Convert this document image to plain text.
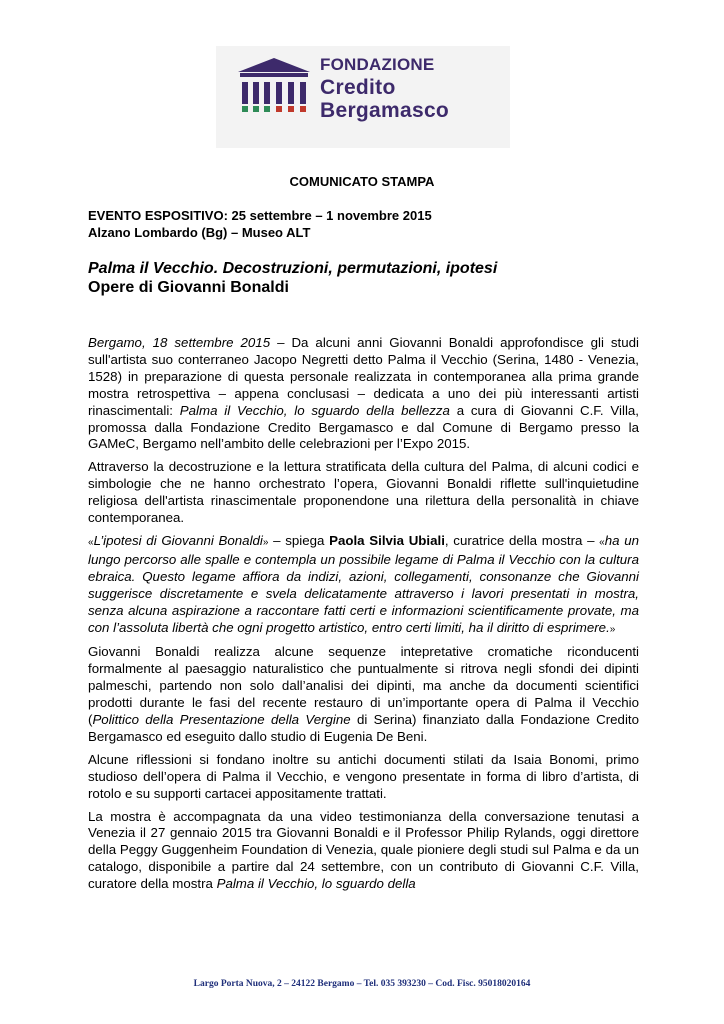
FONDAZIONE
Credito
Bergamasco
COMUNICATO STAMPA
EVENTO ESPOSITIVO: 25 settembre – 1 novembre 2015
Alzano Lombardo (Bg) – Museo ALT
Palma il Vecchio. Decostruzioni, permutazioni, ipotesi
Opere di Giovanni Bonaldi

Bergamo, 18 settembre 2015 – Da alcuni anni Giovanni Bonaldi approfondisce gli studi sull'artista suo conterraneo Jacopo Negretti detto Palma il Vecchio (Serina, 1480 - Venezia, 1528) in preparazione di questa personale realizzata in contemporanea alla prima grande mostra retrospettiva – appena conclusasi – dedicata a uno dei più interessanti artisti rinascimentali: Palma il Vecchio, lo sguardo della bellezza a cura di Giovanni C.F. Villa, promossa dalla Fondazione Credito Bergamasco e dal Comune di Bergamo presso la GAMeC, Bergamo nell’ambito delle celebrazioni per l’Expo 2015.

Attraverso la decostruzione e la lettura stratificata della cultura del Palma, di alcuni codici e simbologie che ne hanno orchestrato l’opera, Giovanni Bonaldi riflette sull'inquietudine religiosa dell'artista rinascimentale proponendone una rilettura della personalità in chiave contemporanea.

«L’ipotesi di Giovanni Bonaldi» – spiega Paola Silvia Ubiali, curatrice della mostra – «ha un lungo percorso alle spalle e contempla un possibile legame di Palma il Vecchio con la cultura ebraica. Questo legame affiora da indizi, azioni, collegamenti, consonanze che Giovanni suggerisce discretamente e svela delicatamente attraverso i lavori presentati in mostra, senza alcuna aspirazione a raccontare fatti certi e informazioni scientificamente provate, ma con l’assoluta libertà che ogni progetto artistico, entro certi limiti, ha il diritto di esprimere.»

Giovanni Bonaldi realizza alcune sequenze intepretative cromatiche riconducenti formalmente al paesaggio naturalistico che puntualmente si ritrova negli sfondi dei dipinti palmeschi, partendo non solo dall’analisi dei dipinti, ma anche da documenti scientifici prodotti durante le fasi del recente restauro di un’importante opera di Palma il Vecchio (Polittico della Presentazione della Vergine di Serina) finanziato dalla Fondazione Credito Bergamasco ed eseguito dallo studio di Eugenia De Beni.

Alcune riflessioni si fondano inoltre su antichi documenti stilati da Isaia Bonomi, primo studioso dell’opera di Palma il Vecchio, e vengono presentate in forma di libro d’artista, di rotolo e su supporti cartacei appositamente trattati.

La mostra è accompagnata da una video testimonianza della conversazione tenutasi a Venezia il 27 gennaio 2015 tra Giovanni Bonaldi e il Professor Philip Rylands, oggi direttore della Peggy Guggenheim Foundation di Venezia, quale pioniere degli studi sul Palma e da un catalogo, disponibile a partire dal 24 settembre, con un contributo di Giovanni C.F. Villa, curatore della mostra Palma il Vecchio, lo sguardo della

Largo Porta Nuova, 2 – 24122 Bergamo – Tel. 035 393230 – Cod. Fisc. 95018020164
